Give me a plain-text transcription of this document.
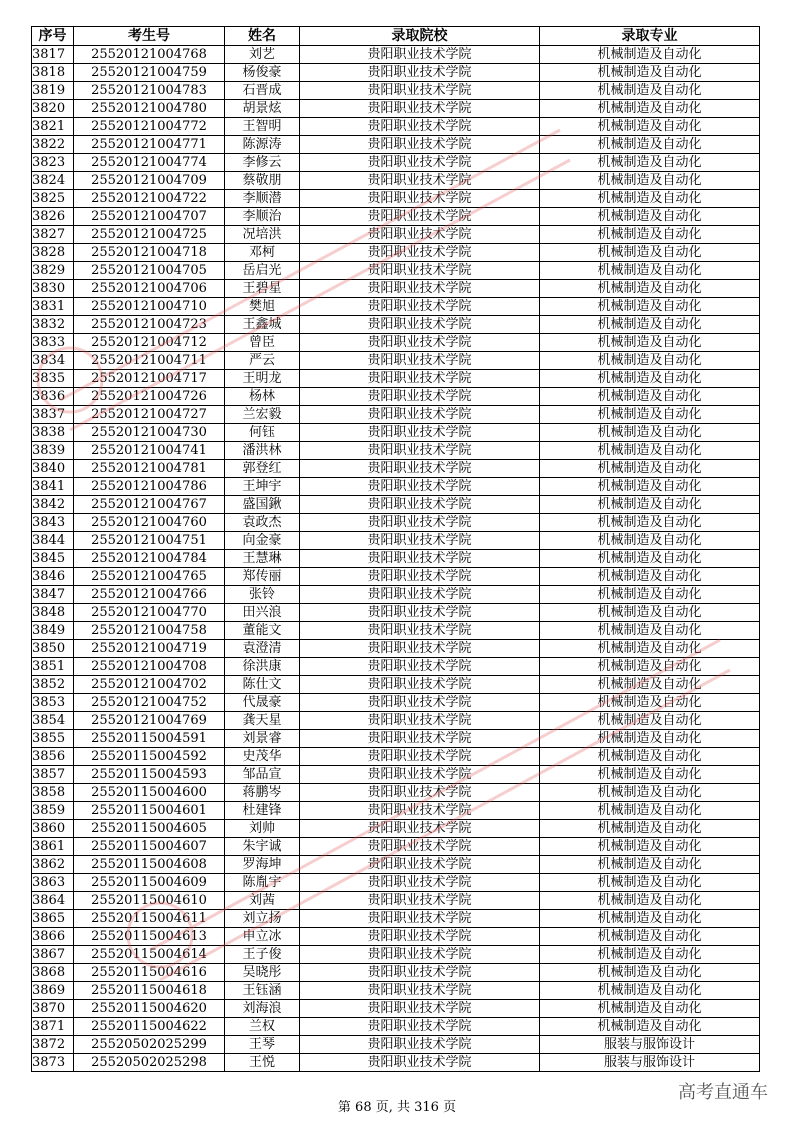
序号	考生号	姓名	录取院校	录取专业
3817	25520121004768	刘艺	贵阳职业技术学院	机械制造及自动化
3818	25520121004759	杨俊豪	贵阳职业技术学院	机械制造及自动化
3819	25520121004783	石晋成	贵阳职业技术学院	机械制造及自动化
3820	25520121004780	胡景炫	贵阳职业技术学院	机械制造及自动化
3821	25520121004772	王智明	贵阳职业技术学院	机械制造及自动化
3822	25520121004771	陈源涛	贵阳职业技术学院	机械制造及自动化
3823	25520121004774	李修云	贵阳职业技术学院	机械制造及自动化
3824	25520121004709	蔡敬朋	贵阳职业技术学院	机械制造及自动化
3825	25520121004722	李顺潜	贵阳职业技术学院	机械制造及自动化
3826	25520121004707	李顺治	贵阳职业技术学院	机械制造及自动化
3827	25520121004725	况培洪	贵阳职业技术学院	机械制造及自动化
3828	25520121004718	邓柯	贵阳职业技术学院	机械制造及自动化
3829	25520121004705	岳启光	贵阳职业技术学院	机械制造及自动化
3830	25520121004706	王碧星	贵阳职业技术学院	机械制造及自动化
3831	25520121004710	樊旭	贵阳职业技术学院	机械制造及自动化
3832	25520121004723	王鑫城	贵阳职业技术学院	机械制造及自动化
3833	25520121004712	曾臣	贵阳职业技术学院	机械制造及自动化
3834	25520121004711	严云	贵阳职业技术学院	机械制造及自动化
3835	25520121004717	王明龙	贵阳职业技术学院	机械制造及自动化
3836	25520121004726	杨林	贵阳职业技术学院	机械制造及自动化
3837	25520121004727	兰宏毅	贵阳职业技术学院	机械制造及自动化
3838	25520121004730	何钰	贵阳职业技术学院	机械制造及自动化
3839	25520121004741	潘洪林	贵阳职业技术学院	机械制造及自动化
3840	25520121004781	郭登红	贵阳职业技术学院	机械制造及自动化
3841	25520121004786	王坤宇	贵阳职业技术学院	机械制造及自动化
3842	25520121004767	盛国鍬	贵阳职业技术学院	机械制造及自动化
3843	25520121004760	袁政杰	贵阳职业技术学院	机械制造及自动化
3844	25520121004751	向金豪	贵阳职业技术学院	机械制造及自动化
3845	25520121004784	王慧琳	贵阳职业技术学院	机械制造及自动化
3846	25520121004765	郑传丽	贵阳职业技术学院	机械制造及自动化
3847	25520121004766	张铃	贵阳职业技术学院	机械制造及自动化
3848	25520121004770	田兴浪	贵阳职业技术学院	机械制造及自动化
3849	25520121004758	董能文	贵阳职业技术学院	机械制造及自动化
3850	25520121004719	袁澄清	贵阳职业技术学院	机械制造及自动化
3851	25520121004708	徐洪康	贵阳职业技术学院	机械制造及自动化
3852	25520121004702	陈仕文	贵阳职业技术学院	机械制造及自动化
3853	25520121004752	代晟豪	贵阳职业技术学院	机械制造及自动化
3854	25520121004769	龚天星	贵阳职业技术学院	机械制造及自动化
3855	25520115004591	刘景睿	贵阳职业技术学院	机械制造及自动化
3856	25520115004592	史茂华	贵阳职业技术学院	机械制造及自动化
3857	25520115004593	邹品宣	贵阳职业技术学院	机械制造及自动化
3858	25520115004600	蒋鹏岑	贵阳职业技术学院	机械制造及自动化
3859	25520115004601	杜建锋	贵阳职业技术学院	机械制造及自动化
3860	25520115004605	刘帅	贵阳职业技术学院	机械制造及自动化
3861	25520115004607	朱宇诚	贵阳职业技术学院	机械制造及自动化
3862	25520115004608	罗海坤	贵阳职业技术学院	机械制造及自动化
3863	25520115004609	陈胤宇	贵阳职业技术学院	机械制造及自动化
3864	25520115004610	刘茜	贵阳职业技术学院	机械制造及自动化
3865	25520115004611	刘立扬	贵阳职业技术学院	机械制造及自动化
3866	25520115004613	申立冰	贵阳职业技术学院	机械制造及自动化
3867	25520115004614	王子俊	贵阳职业技术学院	机械制造及自动化
3868	25520115004616	吴晓彤	贵阳职业技术学院	机械制造及自动化
3869	25520115004618	王钰涵	贵阳职业技术学院	机械制造及自动化
3870	25520115004620	刘海浪	贵阳职业技术学院	机械制造及自动化
3871	25520115004622	兰权	贵阳职业技术学院	机械制造及自动化
3872	25520502025299	王琴	贵阳职业技术学院	服装与服饰设计
3873	25520502025298	王悦	贵阳职业技术学院	服装与服饰设计
第 68 页, 共 316 页
高考直通车
